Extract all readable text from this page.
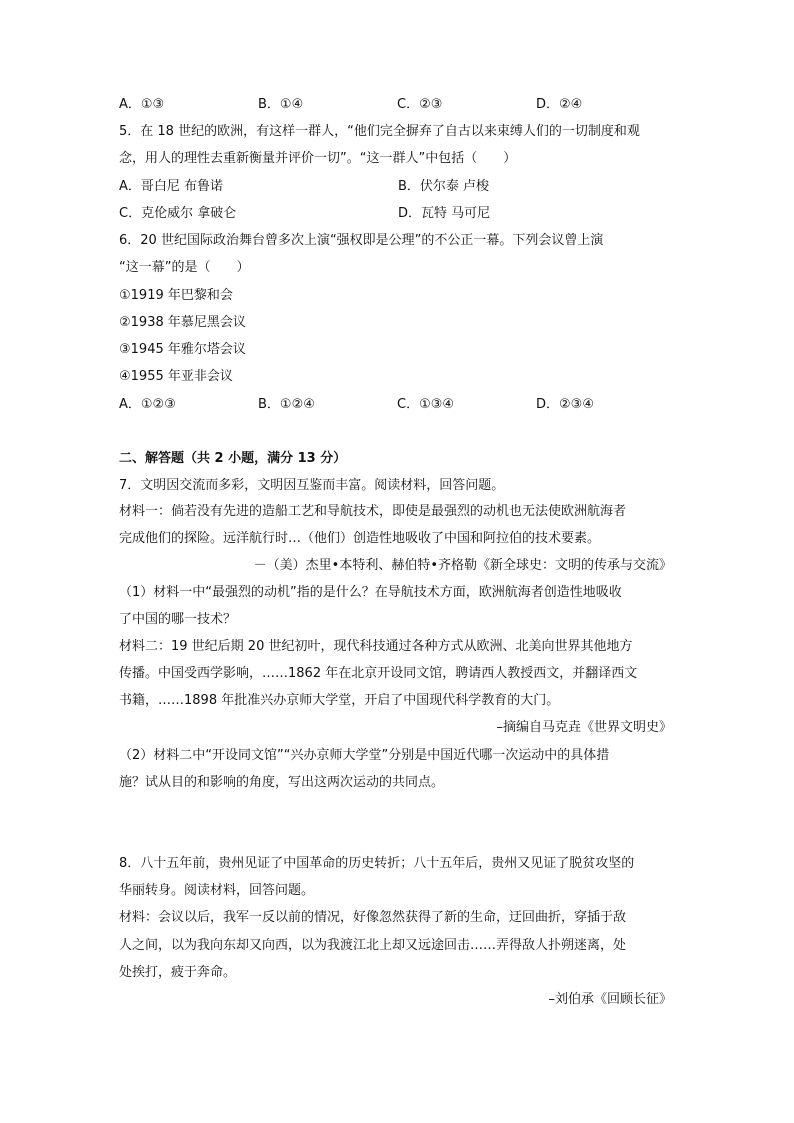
A．①③	B．①④	C．②③	D．②④
5．在 18 世纪的欧洲，有这样一群人，“他们完全摒弃了自古以来束缚人们的一切制度和观
念，用人的理性去重新衡量并评价一切”。“这一群人”中包括（　　）
A．哥白尼 布鲁诺	B．伏尔泰 卢梭
C．克伦威尔 拿破仑	D．瓦特 马可尼
6．20 世纪国际政治舞台曾多次上演“强权即是公理”的不公正一幕。下列会议曾上演
“这一幕”的是（　　）
①1919 年巴黎和会
②1938 年慕尼黑会议
③1945 年雅尔塔会议
④1955 年亚非会议
A．①②③	B．①②④	C．①③④	D．②③④
二、解答题（共 2 小题，满分 13 分）
7．文明因交流而多彩，文明因互鉴而丰富。阅读材料，回答问题。
材料一：倘若没有先进的造船工艺和导航技术，即使是最强烈的动机也无法使欧洲航海者
完成他们的探险。远洋航行时…（他们）创造性地吸收了中国和阿拉伯的技术要素。
－（美）杰里•本特利、赫伯特•齐格勒《新全球史：文明的传承与交流》
（1）材料一中“最强烈的动机”指的是什么？在导航技术方面，欧洲航海者创造性地吸收
了中国的哪一技术？
材料二：19 世纪后期 20 世纪初叶，现代科技通过各种方式从欧洲、北美向世界其他地方
传播。中国受西学影响，……1862 年在北京开设同文馆，聘请西人教授西文，并翻译西文
书籍，……1898 年批准兴办京师大学堂，开启了中国现代科学教育的大门。
–摘编自马克垚《世界文明史》
（2）材料二中“开设同文馆”“兴办京师大学堂”分别是中国近代哪一次运动中的具体措
施？试从目的和影响的角度，写出这两次运动的共同点。
8．八十五年前，贵州见证了中国革命的历史转折；八十五年后，贵州又见证了脱贫攻坚的
华丽转身。阅读材料，回答问题。
材料：会议以后，我军一反以前的情况，好像忽然获得了新的生命，迂回曲折，穿插于敌
人之间，以为我向东却又向西，以为我渡江北上却又远途回击……弄得敌人扑朔迷离，处
处挨打，疲于奔命。
–刘伯承《回顾长征》
